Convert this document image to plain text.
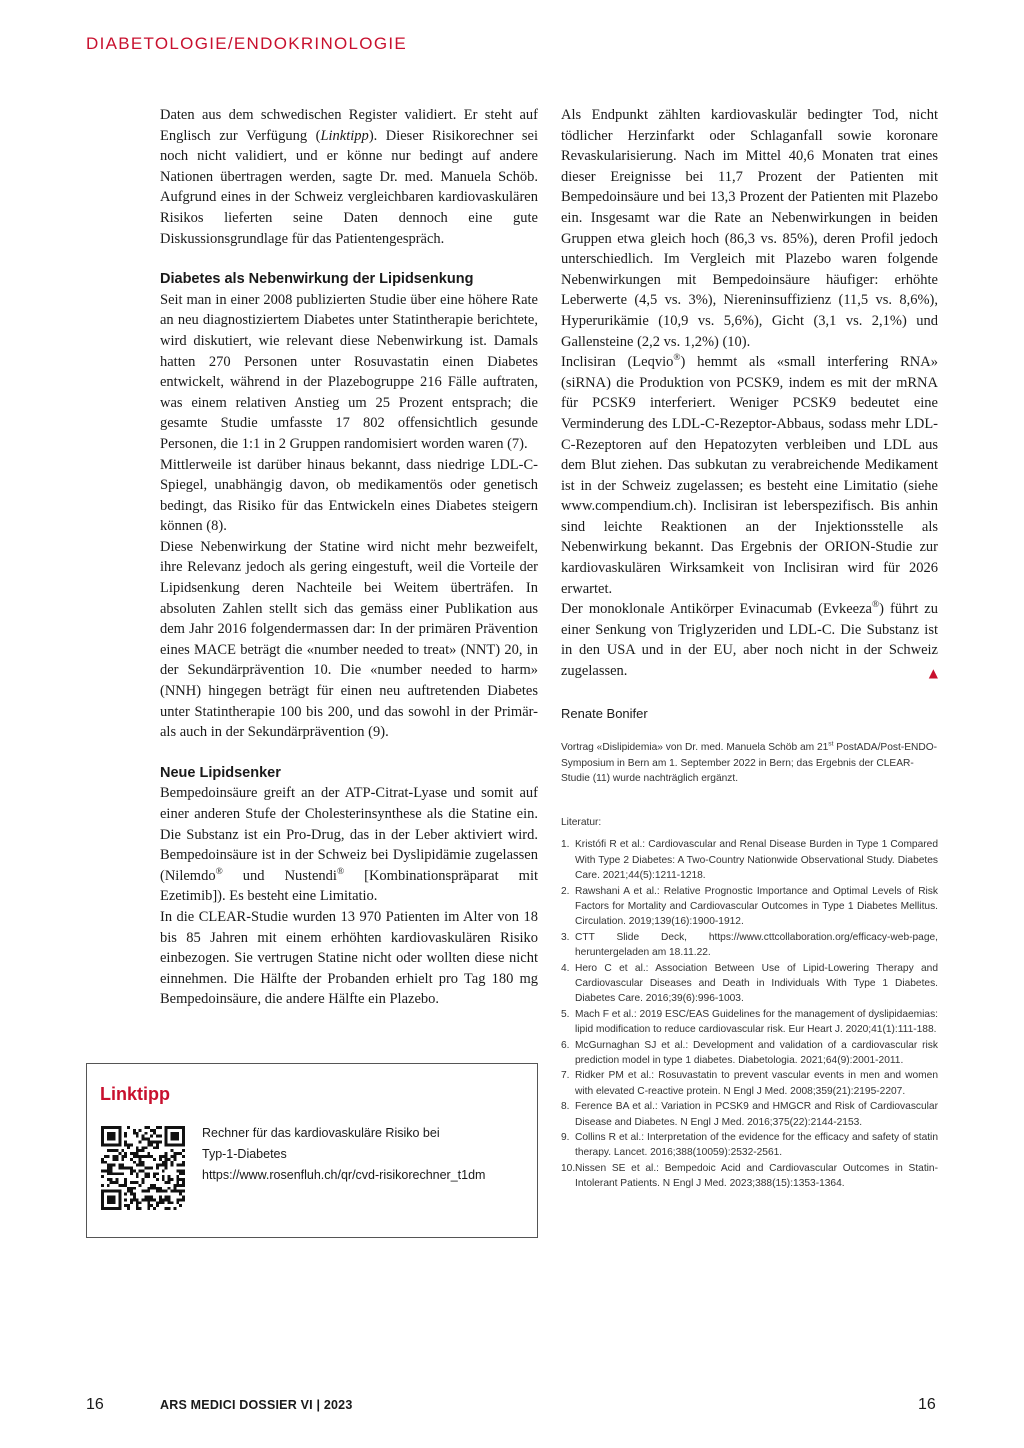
DIABETOLOGIE/ENDOKRINOLOGIE

Daten aus dem schwedischen Register validiert. Er steht auf Englisch zur Verfügung (Linktipp). Dieser Risikorechner sei noch nicht validiert, und er könne nur bedingt auf andere Nationen übertragen werden, sagte Dr. med. Manuela Schöb. Aufgrund eines in der Schweiz vergleichbaren kardiovaskulären Risikos lieferten seine Daten dennoch eine gute Diskussionsgrundlage für das Patientengespräch.

Diabetes als Nebenwirkung der Lipidsenkung

Seit man in einer 2008 publizierten Studie über eine höhere Rate an neu diagnostiziertem Diabetes unter Statintherapie berichtete, wird diskutiert, wie relevant diese Nebenwirkung ist. Damals hatten 270 Personen unter Rosuvastatin einen Diabetes entwickelt, während in der Plazebogruppe 216 Fälle auftraten, was einem relativen Anstieg um 25 Prozent entsprach; die gesamte Studie umfasste 17 802 offensichtlich gesunde Personen, die 1:1 in 2 Gruppen randomisiert worden waren (7).

Mittlerweile ist darüber hinaus bekannt, dass niedrige LDL-C-Spiegel, unabhängig davon, ob medikamentös oder genetisch bedingt, das Risiko für das Entwickeln eines Diabetes steigern können (8).

Diese Nebenwirkung der Statine wird nicht mehr bezweifelt, ihre Relevanz jedoch als gering eingestuft, weil die Vorteile der Lipidsenkung deren Nachteile bei Weitem überträfen. In absoluten Zahlen stellt sich das gemäss einer Publikation aus dem Jahr 2016 folgendermassen dar: In der primären Prävention eines MACE beträgt die «number needed to treat» (NNT) 20, in der Sekundärprävention 10. Die «number needed to harm» (NNH) hingegen beträgt für einen neu auftretenden Diabetes unter Statintherapie 100 bis 200, und das sowohl in der Primär- als auch in der Sekundärprävention (9).

Neue Lipidsenker

Bempedoinsäure greift an der ATP-Citrat-Lyase und somit auf einer anderen Stufe der Cholesterinsynthese als die Statine ein. Die Substanz ist ein Pro-Drug, das in der Leber aktiviert wird. Bempedoinsäure ist in der Schweiz bei Dyslipidämie zugelassen (Nilemdo® und Nustendi® [Kombinationspräparat mit Ezetimib]). Es besteht eine Limitatio.

In die CLEAR-Studie wurden 13 970 Patienten im Alter von 18 bis 85 Jahren mit einem erhöhten kardiovaskulären Risiko einbezogen. Sie vertrugen Statine nicht oder wollten diese nicht einnehmen. Die Hälfte der Probanden erhielt pro Tag 180 mg Bempedoinsäure, die andere Hälfte ein Plazebo.

Als Endpunkt zählten kardiovaskulär bedingter Tod, nicht tödlicher Herzinfarkt oder Schlaganfall sowie koronare Revaskularisierung. Nach im Mittel 40,6 Monaten trat eines dieser Ereignisse bei 11,7 Prozent der Patienten mit Bempedoinsäure und bei 13,3 Prozent der Patienten mit Plazebo ein. Insgesamt war die Rate an Nebenwirkungen in beiden Gruppen etwa gleich hoch (86,3 vs. 85%), deren Profil jedoch unterschiedlich. Im Vergleich mit Plazebo waren folgende Nebenwirkungen mit Bempedoinsäure häufiger: erhöhte Leberwerte (4,5 vs. 3%), Niereninsuffizienz (11,5 vs. 8,6%), Hyperurikämie (10,9 vs. 5,6%), Gicht (3,1 vs. 2,1%) und Gallensteine (2,2 vs. 1,2%) (10).

Inclisiran (Leqvio®) hemmt als «small interfering RNA» (siRNA) die Produktion von PCSK9, indem es mit der mRNA für PCSK9 interferiert. Weniger PCSK9 bedeutet eine Verminderung des LDL-C-Rezeptor-Abbaus, sodass mehr LDL-C-Rezeptoren auf den Hepatozyten verbleiben und LDL aus dem Blut ziehen. Das subkutan zu verabreichende Medikament ist in der Schweiz zugelassen; es besteht eine Limitatio (siehe www.compendium.ch). Inclisiran ist leberspezifisch. Bis anhin sind leichte Reaktionen an der Injektionsstelle als Nebenwirkung bekannt. Das Ergebnis der ORION-Studie zur kardiovaskulären Wirksamkeit von Inclisiran wird für 2026 erwartet.

Der monoklonale Antikörper Evinacumab (Evkeeza®) führt zu einer Senkung von Triglyzeriden und LDL-C. Die Substanz ist in den USA und in der EU, aber noch nicht in der Schweiz zugelassen.	▲

Renate Bonifer
Vortrag «Dislipidemia» von Dr. med. Manuela Schöb am 21st PostADA/Post-ENDO-Symposium in Bern am 1. September 2022 in Bern; das Ergebnis der CLEAR-Studie (11) wurde nachträglich ergänzt.
Literatur:
1. Kristófi R et al.: Cardiovascular and Renal Disease Burden in Type 1 Compared With Type 2 Diabetes: A Two-Country Nationwide Observational Study. Diabetes Care. 2021;44(5):1211-1218.
2. Rawshani A et al.: Relative Prognostic Importance and Optimal Levels of Risk Factors for Mortality and Cardiovascular Outcomes in Type 1 Diabetes Mellitus. Circulation. 2019;139(16):1900-1912.
3. CTT Slide Deck, https://www.cttcollaboration.org/efficacy-web-page, heruntergeladen am 18.11.22.
4. Hero C et al.: Association Between Use of Lipid-Lowering Therapy and Cardiovascular Diseases and Death in Individuals With Type 1 Diabetes. Diabetes Care. 2016;39(6):996-1003.
5. Mach F et al.: 2019 ESC/EAS Guidelines for the management of dyslipidaemias: lipid modification to reduce cardiovascular risk. Eur Heart J. 2020;41(1):111-188.
6. McGurnaghan SJ et al.: Development and validation of a cardiovascular risk prediction model in type 1 diabetes. Diabetologia. 2021;64(9):2001-2011.
7. Ridker PM et al.: Rosuvastatin to prevent vascular events in men and women with elevated C-reactive protein. N Engl J Med. 2008;359(21):2195-2207.
8. Ference BA et al.: Variation in PCSK9 and HMGCR and Risk of Cardiovascular Disease and Diabetes. N Engl J Med. 2016;375(22):2144-2153.
9. Collins R et al.: Interpretation of the evidence for the efficacy and safety of statin therapy. Lancet. 2016;388(10059):2532-2561.
10. Nissen SE et al.: Bempedoic Acid and Cardiovascular Outcomes in Statin-Intolerant Patients. N Engl J Med. 2023;388(15):1353-1364.
Linktipp
Rechner für das kardiovaskuläre Risiko bei
Typ-1-Diabetes
https://www.rosenfluh.ch/qr/cvd-risikorechner_t1dm
16	ARS MEDICI DOSSIER VI | 2023	16
